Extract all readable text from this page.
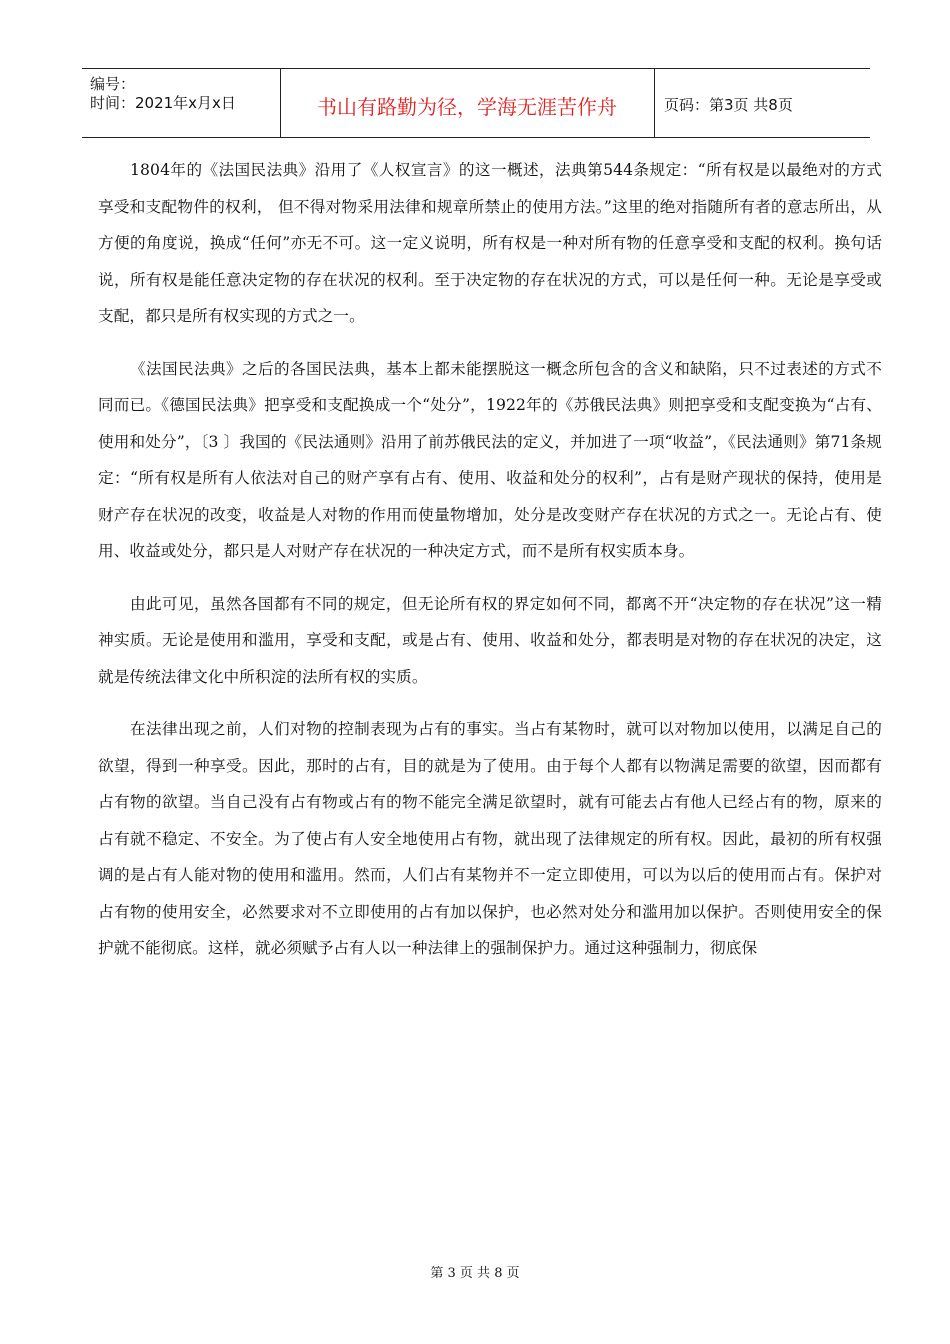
编号：
时间：2021年x月x日	书山有路勤为径，学海无涯苦作舟	页码：第3页 共8页

1804年的《法国民法典》沿用了《人权宣言》的这一概述，法典第544条规定：“所有权是以最绝对的方式享受和支配物件的权利， 但不得对物采用法律和规章所禁止的使用方法。”这里的绝对指随所有者的意志所出，从方便的角度说，换成“任何”亦无不可。这一定义说明，所有权是一种对所有物的任意享受和支配的权利。换句话说，所有权是能任意决定物的存在状况的权利。至于决定物的存在状况的方式，可以是任何一种。无论是享受或支配，都只是所有权实现的方式之一。

《法国民法典》之后的各国民法典，基本上都未能摆脱这一概念所包含的含义和缺陷，只不过表述的方式不同而已。《德国民法典》把享受和支配换成一个“处分”，1922年的《苏俄民法典》则把享受和支配变换为“占有、使用和处分”，〔3 〕我国的《民法通则》沿用了前苏俄民法的定义，并加进了一项“收益”，《民法通则》第71条规定：“所有权是所有人依法对自己的财产享有占有、使用、收益和处分的权利”，占有是财产现状的保持，使用是财产存在状况的改变，收益是人对物的作用而使量物增加，处分是改变财产存在状况的方式之一。无论占有、使用、收益或处分，都只是人对财产存在状况的一种决定方式，而不是所有权实质本身。

由此可见，虽然各国都有不同的规定，但无论所有权的界定如何不同，都离不开“决定物的存在状况”这一精神实质。无论是使用和滥用，享受和支配，或是占有、使用、收益和处分，都表明是对物的存在状况的决定，这就是传统法律文化中所积淀的法所有权的实质。

在法律出现之前，人们对物的控制表现为占有的事实。当占有某物时，就可以对物加以使用，以满足自己的欲望，得到一种享受。因此，那时的占有，目的就是为了使用。由于每个人都有以物满足需要的欲望，因而都有占有物的欲望。当自己没有占有物或占有的物不能完全满足欲望时，就有可能去占有他人已经占有的物，原来的占有就不稳定、不安全。为了使占有人安全地使用占有物，就出现了法律规定的所有权。因此，最初的所有权强调的是占有人能对物的使用和滥用。然而，人们占有某物并不一定立即使用，可以为以后的使用而占有。保护对占有物的使用安全，必然要求对不立即使用的占有加以保护，也必然对处分和滥用加以保护。否则使用安全的保护就不能彻底。这样，就必须赋予占有人以一种法律上的强制保护力。通过这种强制力，彻底保

第 3 页 共 8 页
